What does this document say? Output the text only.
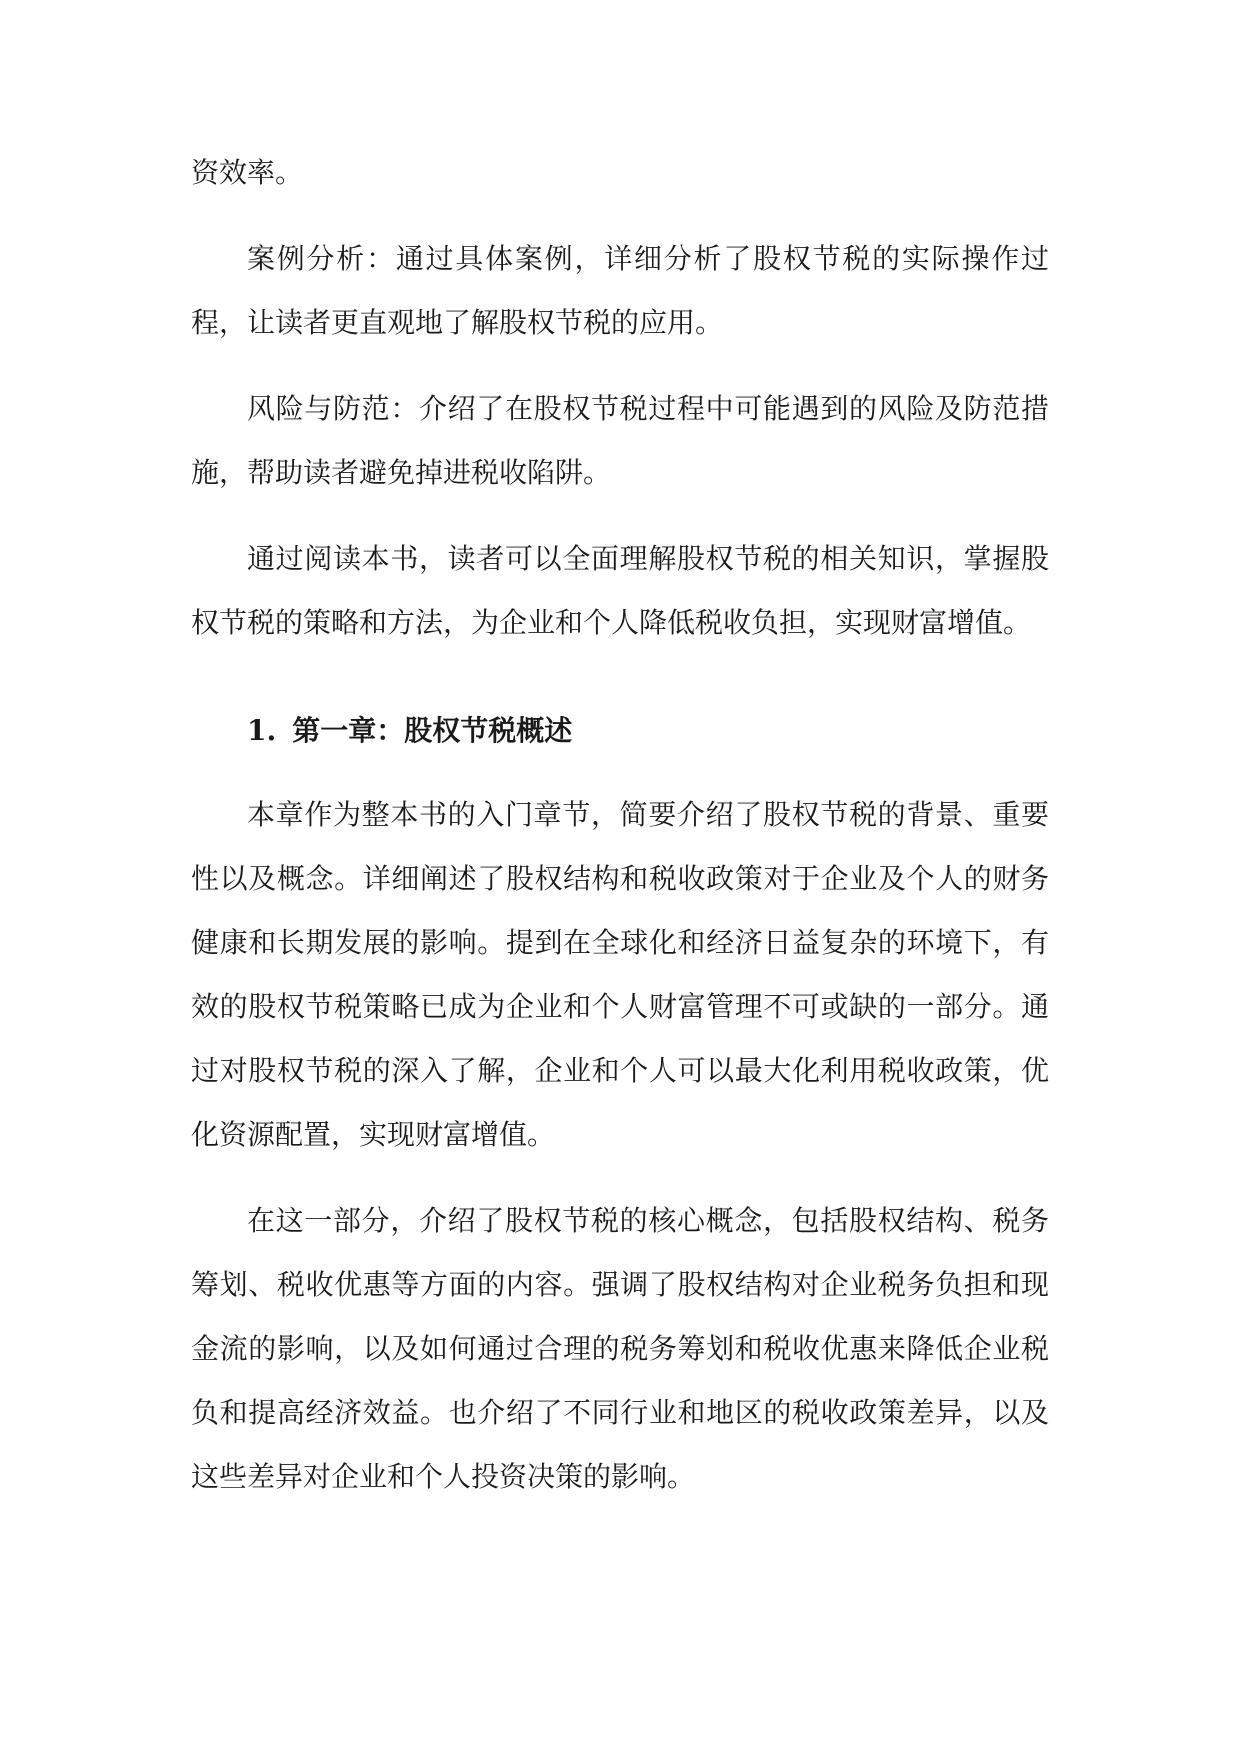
资效率。

案例分析：通过具体案例，详细分析了股权节税的实际操作过程，让读者更直观地了解股权节税的应用。

风险与防范：介绍了在股权节税过程中可能遇到的风险及防范措施，帮助读者避免掉进税收陷阱。

通过阅读本书，读者可以全面理解股权节税的相关知识，掌握股权节税的策略和方法，为企业和个人降低税收负担，实现财富增值。

1. 第一章：股权节税概述

本章作为整本书的入门章节，简要介绍了股权节税的背景、重要性以及概念。详细阐述了股权结构和税收政策对于企业及个人的财务健康和长期发展的影响。提到在全球化和经济日益复杂的环境下，有效的股权节税策略已成为企业和个人财富管理不可或缺的一部分。通过对股权节税的深入了解，企业和个人可以最大化利用税收政策，优化资源配置，实现财富增值。

在这一部分，介绍了股权节税的核心概念，包括股权结构、税务筹划、税收优惠等方面的内容。强调了股权结构对企业税务负担和现金流的影响，以及如何通过合理的税务筹划和税收优惠来降低企业税负和提高经济效益。也介绍了不同行业和地区的税收政策差异，以及这些差异对企业和个人投资决策的影响。
